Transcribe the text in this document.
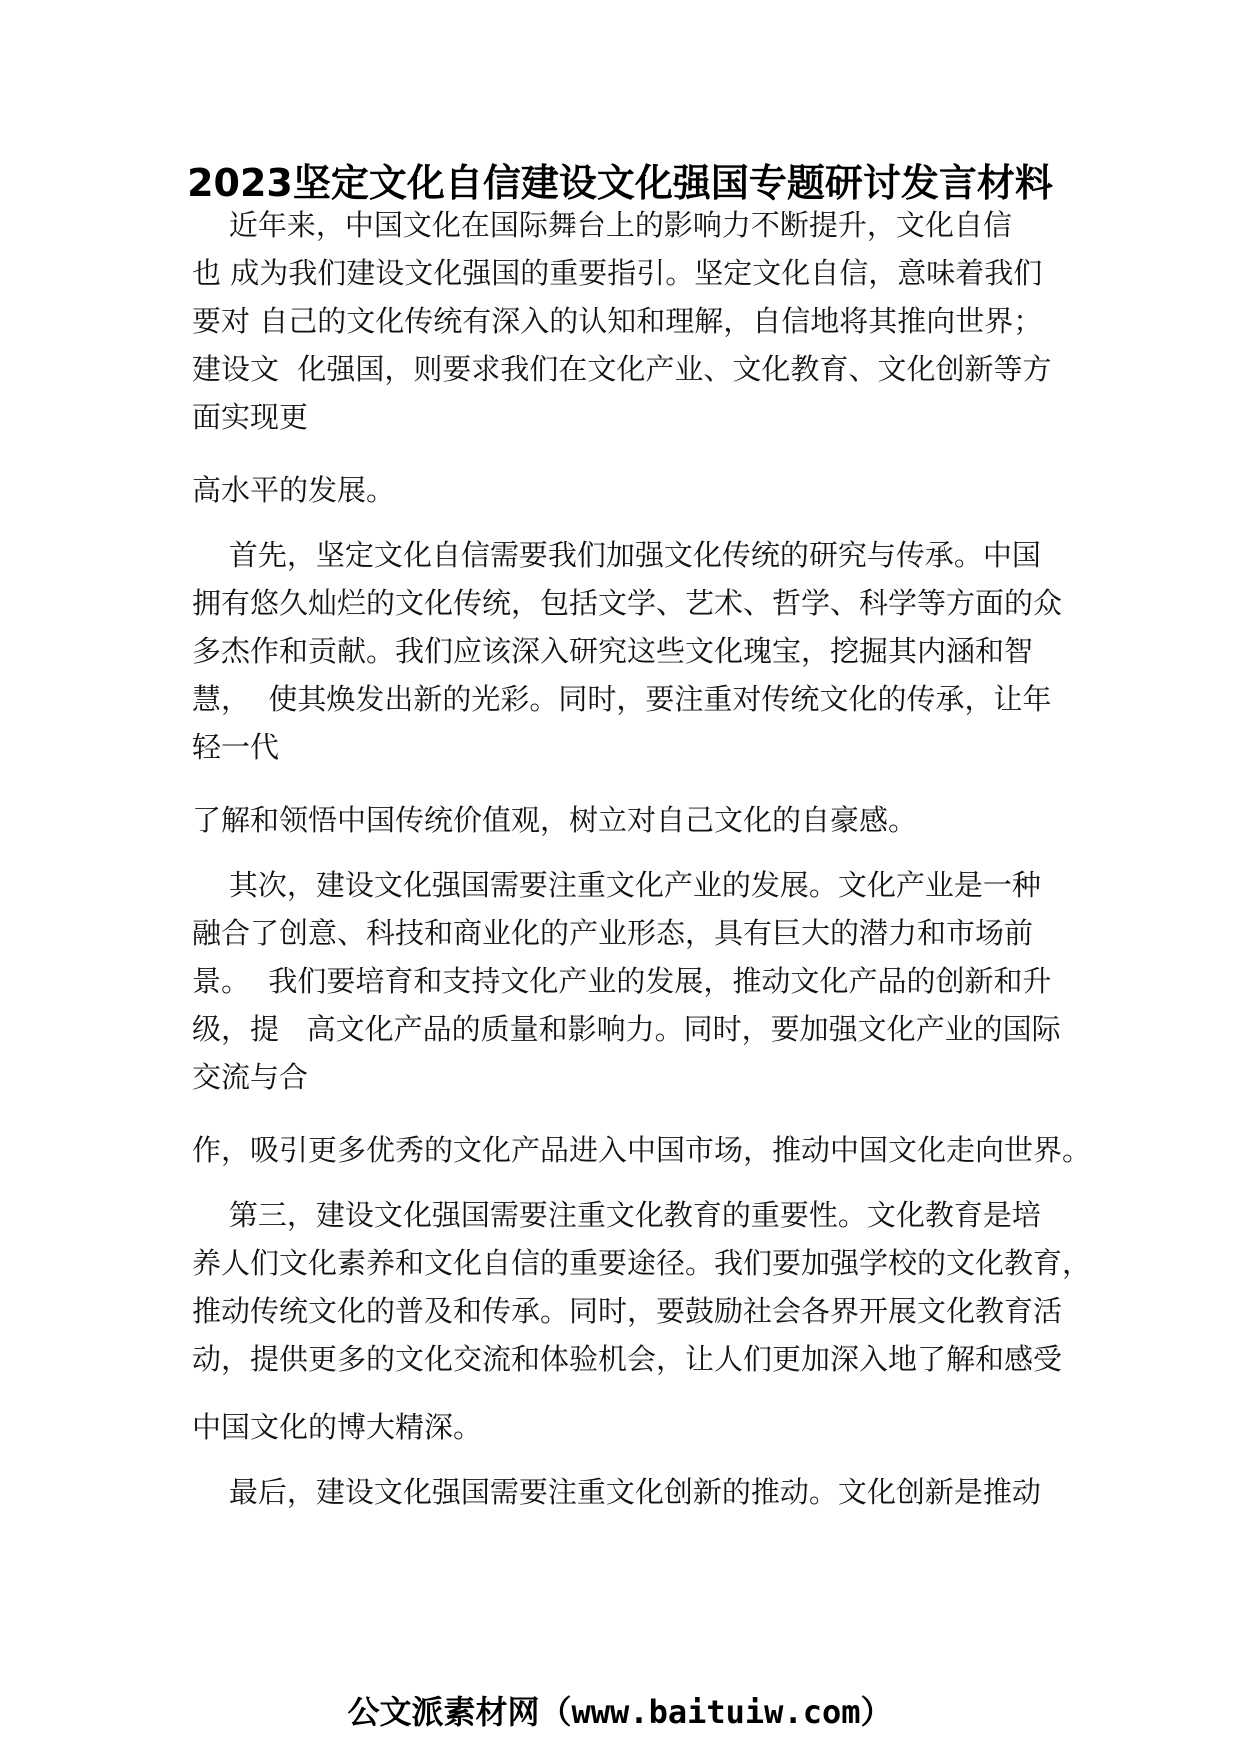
2023坚定文化自信建设文化强国专题研讨发言材料
近年来，中国文化在国际舞台上的影响力不断提升，文化自信
也 成为我们建设文化强国的重要指引。坚定文化自信，意味着我们
要对 自己的文化传统有深入的认知和理解，自信地将其推向世界；
建设文  化强国，则要求我们在文化产业、文化教育、文化创新等方
面实现更
高水平的发展。
首先，坚定文化自信需要我们加强文化传统的研究与传承。中国
拥有悠久灿烂的文化传统，包括文学、艺术、哲学、科学等方面的众
多杰作和贡献。我们应该深入研究这些文化瑰宝，挖掘其内涵和智
慧，  使其焕发出新的光彩。同时，要注重对传统文化的传承，让年
轻一代
了解和领悟中国传统价值观，树立对自己文化的自豪感。
其次，建设文化强国需要注重文化产业的发展。文化产业是一种
融合了创意、科技和商业化的产业形态，具有巨大的潜力和市场前
景。  我们要培育和支持文化产业的发展，推动文化产品的创新和升
级，提   高文化产品的质量和影响力。同时，要加强文化产业的国际
交流与合
作，吸引更多优秀的文化产品进入中国市场，推动中国文化走向世界。
第三，建设文化强国需要注重文化教育的重要性。文化教育是培
养人们文化素养和文化自信的重要途径。我们要加强学校的文化教育，
推动传统文化的普及和传承。同时，要鼓励社会各界开展文化教育活
动，提供更多的文化交流和体验机会，让人们更加深入地了解和感受
中国文化的博大精深。
最后，建设文化强国需要注重文化创新的推动。文化创新是推动
公文派素材网（www.baituiw.com）
